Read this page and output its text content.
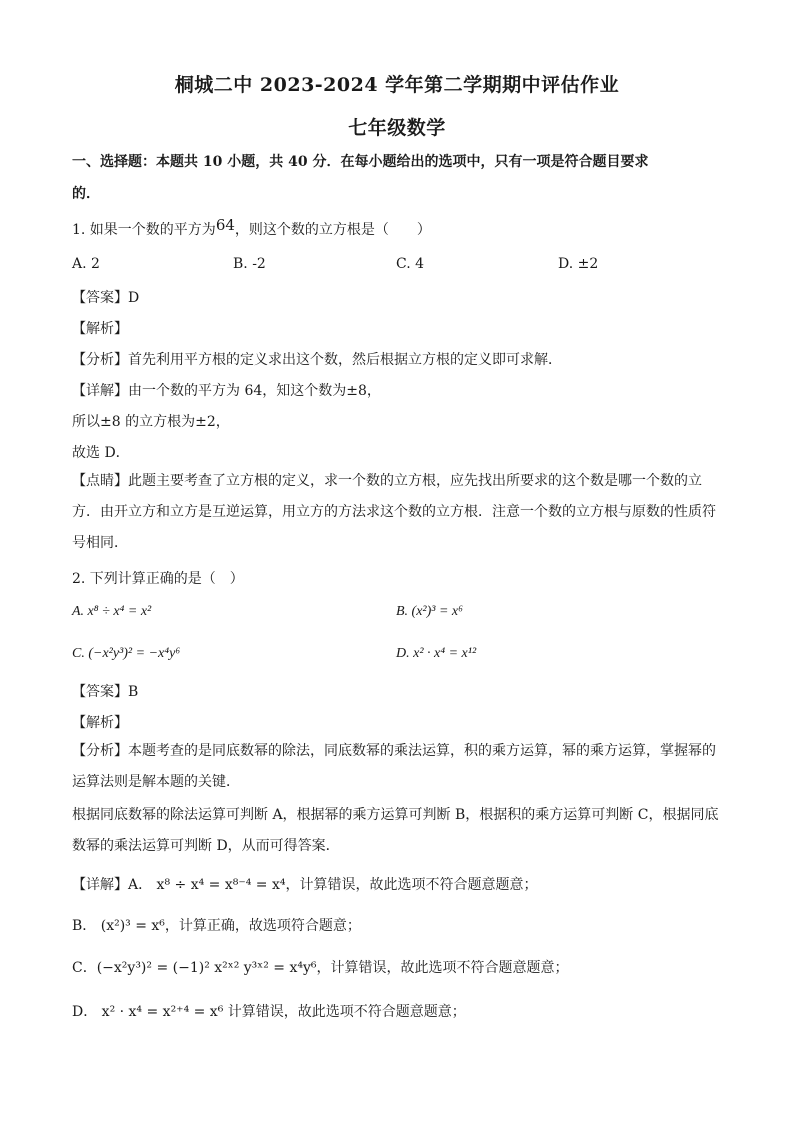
桐城二中 2023-2024 学年第二学期期中评估作业
七年级数学
一、选择题：本题共 10 小题，共 40 分．在每小题给出的选项中，只有一项是符合题目要求
的．
1. 如果一个数的平方为64，则这个数的立方根是（　　）
A. 2	B. -2	C. 4	D. ±2
【答案】D
【解析】
【分析】首先利用平方根的定义求出这个数，然后根据立方根的定义即可求解．
【详解】由一个数的平方为 64，知这个数为±8，
所以±8 的立方根为±2，
故选 D．
【点睛】此题主要考查了立方根的定义，求一个数的立方根，应先找出所要求的这个数是哪一个数的立方．由开立方和立方是互逆运算，用立方的方法求这个数的立方根．注意一个数的立方根与原数的性质符号相同．
2. 下列计算正确的是（　）
A. x⁸ ÷ x⁴ = x²	B. (x²)³ = x⁶
C. (−x²y³)² = −x⁴y⁶	D. x² · x⁴ = x¹²
【答案】B
【解析】
【分析】本题考查的是同底数幂的除法，同底数幂的乘法运算，积的乘方运算，幂的乘方运算，掌握幂的运算法则是解本题的关键．
根据同底数幂的除法运算可判断 A，根据幂的乘方运算可判断 B，根据积的乘方运算可判断 C，根据同底数幂的乘法运算可判断 D，从而可得答案．
【详解】A． x⁸ ÷ x⁴ = x⁸⁻⁴ = x⁴，计算错误，故此选项不符合题意题意；
B． (x²)³ = x⁶，计算正确，故选项符合题意；
C．(−x²y³)² = (−1)² x²ˣ² y³ˣ² = x⁴y⁶，计算错误，故此选项不符合题意题意；
D． x² · x⁴ = x²⁺⁴ = x⁶ 计算错误，故此选项不符合题意题意；
